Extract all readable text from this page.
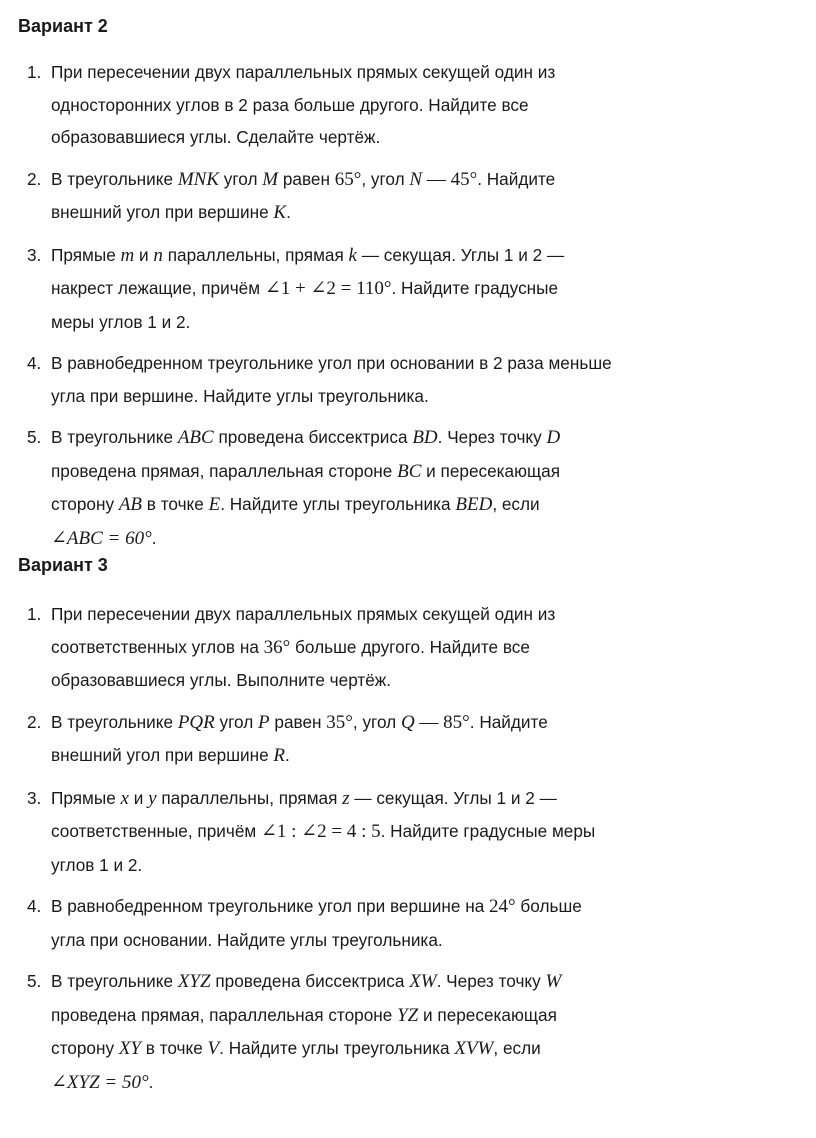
Вариант 2
1. При пересечении двух параллельных прямых секущей один из
односторонних углов в 2 раза больше другого. Найдите все
образовавшиеся углы. Сделайте чертёж.
2. В треугольнике MNK угол M равен 65°, угол N — 45°. Найдите
внешний угол при вершине K.
3. Прямые m и n параллельны, прямая k — секущая. Углы 1 и 2 —
накрест лежащие, причём ∠1 + ∠2 = 110°. Найдите градусные
меры углов 1 и 2.
4. В равнобедренном треугольнике угол при основании в 2 раза меньше
угла при вершине. Найдите углы треугольника.
5. В треугольнике ABC проведена биссектриса BD. Через точку D
проведена прямая, параллельная стороне BC и пересекающая
сторону AB в точке E. Найдите углы треугольника BED, если
∠ABC = 60°.
Вариант 3
1. При пересечении двух параллельных прямых секущей один из
соответственных углов на 36° больше другого. Найдите все
образовавшиеся углы. Выполните чертёж.
2. В треугольнике PQR угол P равен 35°, угол Q — 85°. Найдите
внешний угол при вершине R.
3. Прямые x и y параллельны, прямая z — секущая. Углы 1 и 2 —
соответственные, причём ∠1 : ∠2 = 4 : 5. Найдите градусные меры
углов 1 и 2.
4. В равнобедренном треугольнике угол при вершине на 24° больше
угла при основании. Найдите углы треугольника.
5. В треугольнике XYZ проведена биссектриса XW. Через точку W
проведена прямая, параллельная стороне YZ и пересекающая
сторону XY в точке V. Найдите углы треугольника XVW, если
∠XYZ = 50°.
